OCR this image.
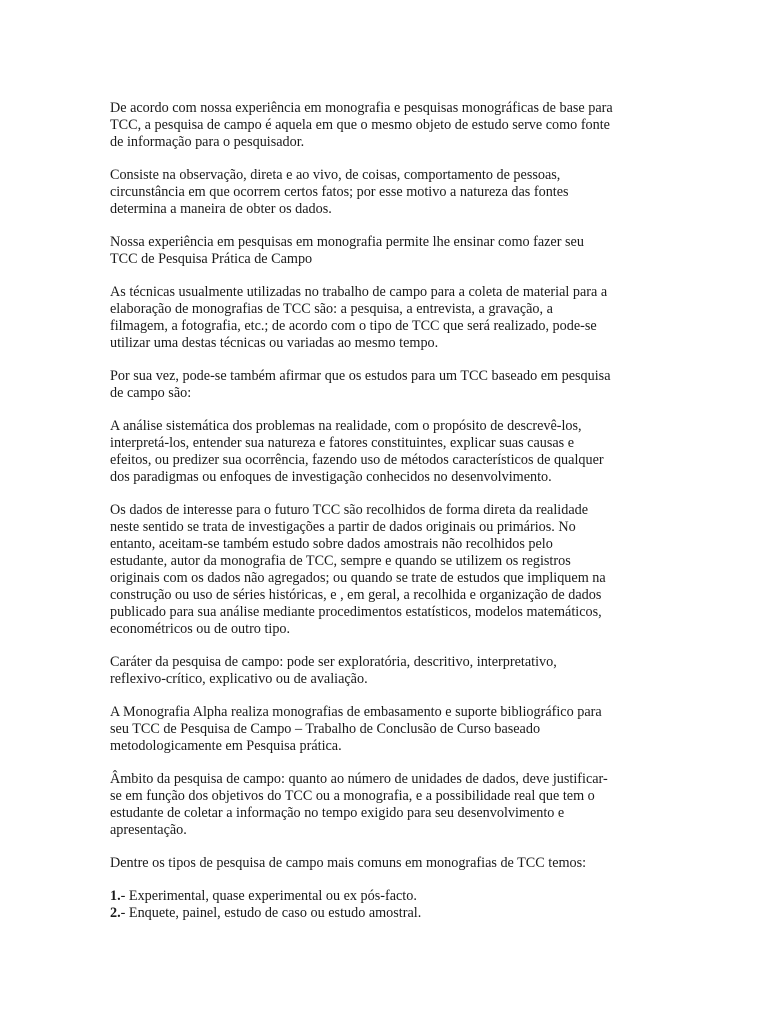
De acordo com nossa experiência em monografia e pesquisas monográficas de base para
TCC, a pesquisa de campo é aquela em que o mesmo objeto de estudo serve como fonte
de informação para o pesquisador.

Consiste na observação, direta e ao vivo, de coisas, comportamento de pessoas,
circunstância em que ocorrem certos fatos; por esse motivo a natureza das fontes
determina a maneira de obter os dados.

Nossa experiência em pesquisas em monografia permite lhe ensinar como fazer seu
TCC de Pesquisa Prática de Campo

As técnicas usualmente utilizadas no trabalho de campo para a coleta de material para a
elaboração de monografias de TCC são: a pesquisa, a entrevista, a gravação, a
filmagem, a fotografia, etc.; de acordo com o tipo de TCC que será realizado, pode-se
utilizar uma destas técnicas ou variadas ao mesmo tempo.

Por sua vez, pode-se também afirmar que os estudos para um TCC baseado em pesquisa
de campo são:

A análise sistemática dos problemas na realidade, com o propósito de descrevê-los,
interpretá-los, entender sua natureza e fatores constituintes, explicar suas causas e
efeitos, ou predizer sua ocorrência, fazendo uso de métodos característicos de qualquer
dos paradigmas ou enfoques de investigação conhecidos no desenvolvimento.

Os dados de interesse para o futuro TCC são recolhidos de forma direta da realidade
neste sentido se trata de investigações a partir de dados originais ou primários. No
entanto, aceitam-se também estudo sobre dados amostrais não recolhidos pelo
estudante, autor da monografia de TCC, sempre e quando se utilizem os registros
originais com os dados não agregados; ou quando se trate de estudos que impliquem na
construção ou uso de séries históricas, e , em geral, a recolhida e organização de dados
publicado para sua análise mediante procedimentos estatísticos, modelos matemáticos,
econométricos ou de outro tipo.

Caráter da pesquisa de campo: pode ser exploratória, descritivo, interpretativo,
reflexivo-crítico, explicativo ou de avaliação.

A Monografia Alpha realiza monografias de embasamento e suporte bibliográfico para
seu TCC de Pesquisa de Campo – Trabalho de Conclusão de Curso baseado
metodologicamente em Pesquisa prática.

Âmbito da pesquisa de campo: quanto ao número de unidades de dados, deve justificar-
se em função dos objetivos do TCC ou a monografia, e a possibilidade real que tem o
estudante de coletar a informação no tempo exigido para seu desenvolvimento e
apresentação.

Dentre os tipos de pesquisa de campo mais comuns em monografias de TCC temos:

1.- Experimental, quase experimental ou ex pós-facto.
2.- Enquete, painel, estudo de caso ou estudo amostral.
